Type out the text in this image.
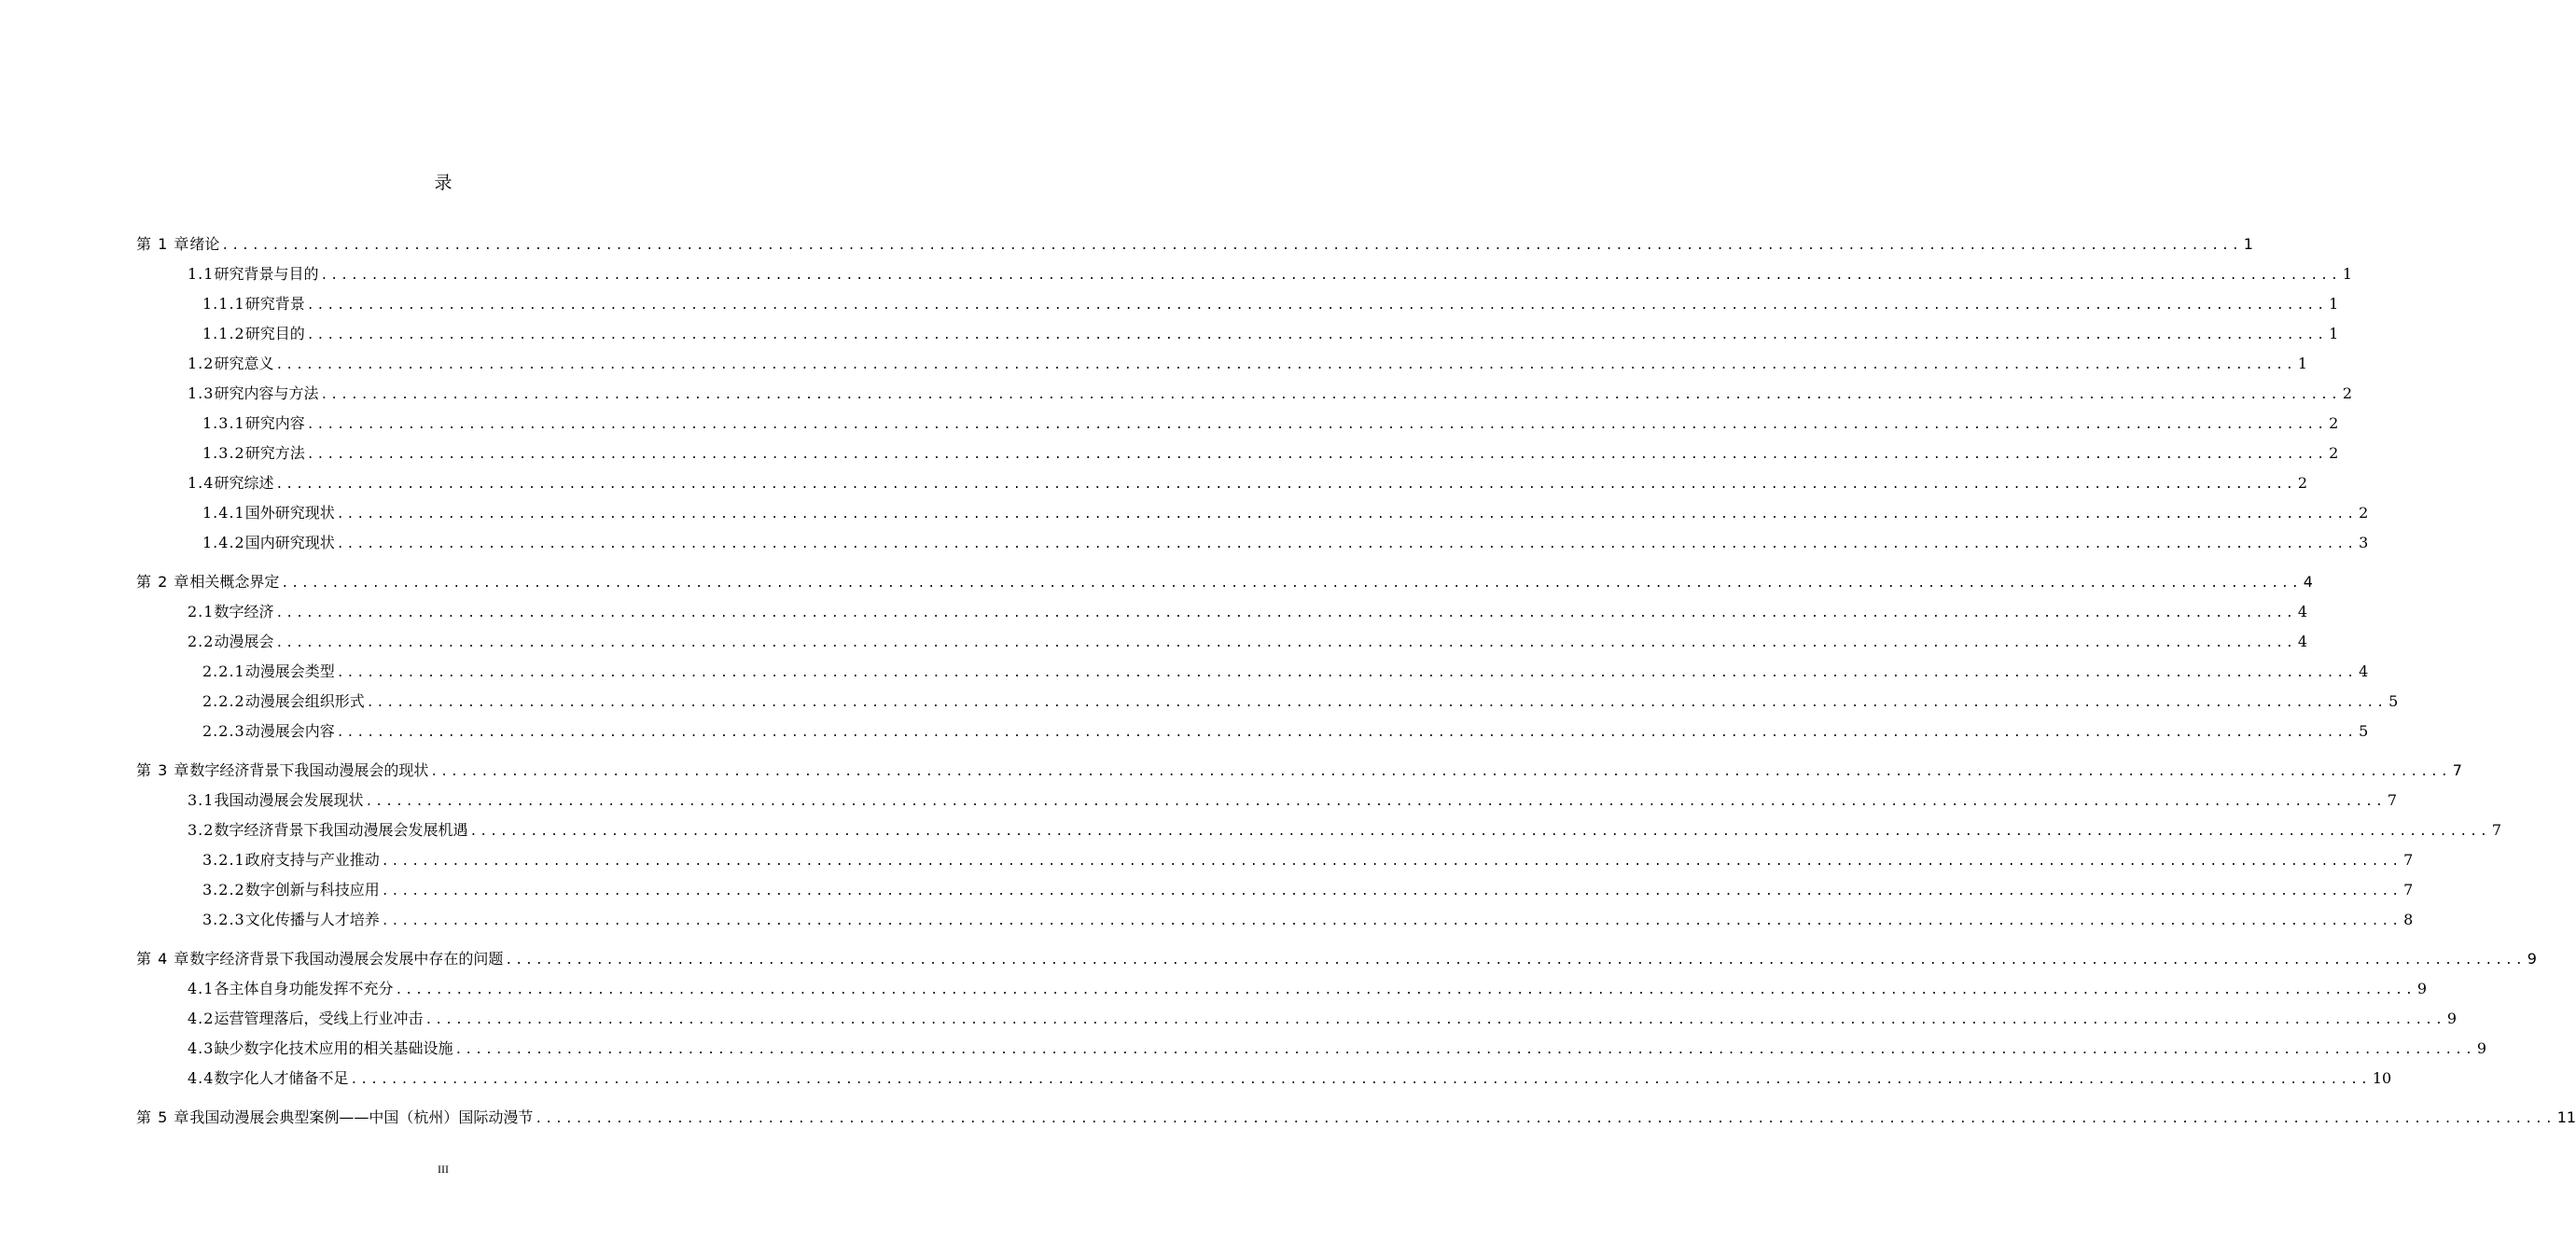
录
第 1 章 绪论 ........................................................................................................................................................................................................ 1
1.1 研究背景与目的 ........................................................................................................................................................................................................ 1
1.1.1 研究背景 ........................................................................................................................................................................................................ 1
1.1.2 研究目的 ........................................................................................................................................................................................................ 1
1.2 研究意义 ........................................................................................................................................................................................................ 1
1.3 研究内容与方法 ........................................................................................................................................................................................................ 2
1.3.1 研究内容 ........................................................................................................................................................................................................ 2
1.3.2 研究方法 ........................................................................................................................................................................................................ 2
1.4 研究综述 ........................................................................................................................................................................................................ 2
1.4.1 国外研究现状 ........................................................................................................................................................................................................ 2
1.4.2 国内研究现状 ........................................................................................................................................................................................................ 3
第 2 章 相关概念界定 ........................................................................................................................................................................................................ 4
2.1 数字经济 ........................................................................................................................................................................................................ 4
2.2 动漫展会 ........................................................................................................................................................................................................ 4
2.2.1 动漫展会类型 ........................................................................................................................................................................................................ 4
2.2.2 动漫展会组织形式 ........................................................................................................................................................................................................ 5
2.2.3 动漫展会内容 ........................................................................................................................................................................................................ 5
第 3 章 数字经济背景下我国动漫展会的现状 ........................................................................................................................................................................................................ 7
3.1 我国动漫展会发展现状 ........................................................................................................................................................................................................ 7
3.2 数字经济背景下我国动漫展会发展机遇 ........................................................................................................................................................................................................ 7
3.2.1 政府支持与产业推动 ........................................................................................................................................................................................................ 7
3.2.2 数字创新与科技应用 ........................................................................................................................................................................................................ 7
3.2.3 文化传播与人才培养 ........................................................................................................................................................................................................ 8
第 4 章 数字经济背景下我国动漫展会发展中存在的问题 ........................................................................................................................................................................................................ 9
4.1 各主体自身功能发挥不充分 ........................................................................................................................................................................................................ 9
4.2 运营管理落后，受线上行业冲击 ........................................................................................................................................................................................................ 9
4.3 缺少数字化技术应用的相关基础设施 ........................................................................................................................................................................................................ 9
4.4 数字化人才储备不足 ........................................................................................................................................................................................................ 10
第 5 章 我国动漫展会典型案例——中国（杭州）国际动漫节 ........................................................................................................................................................................................................ 11
III
